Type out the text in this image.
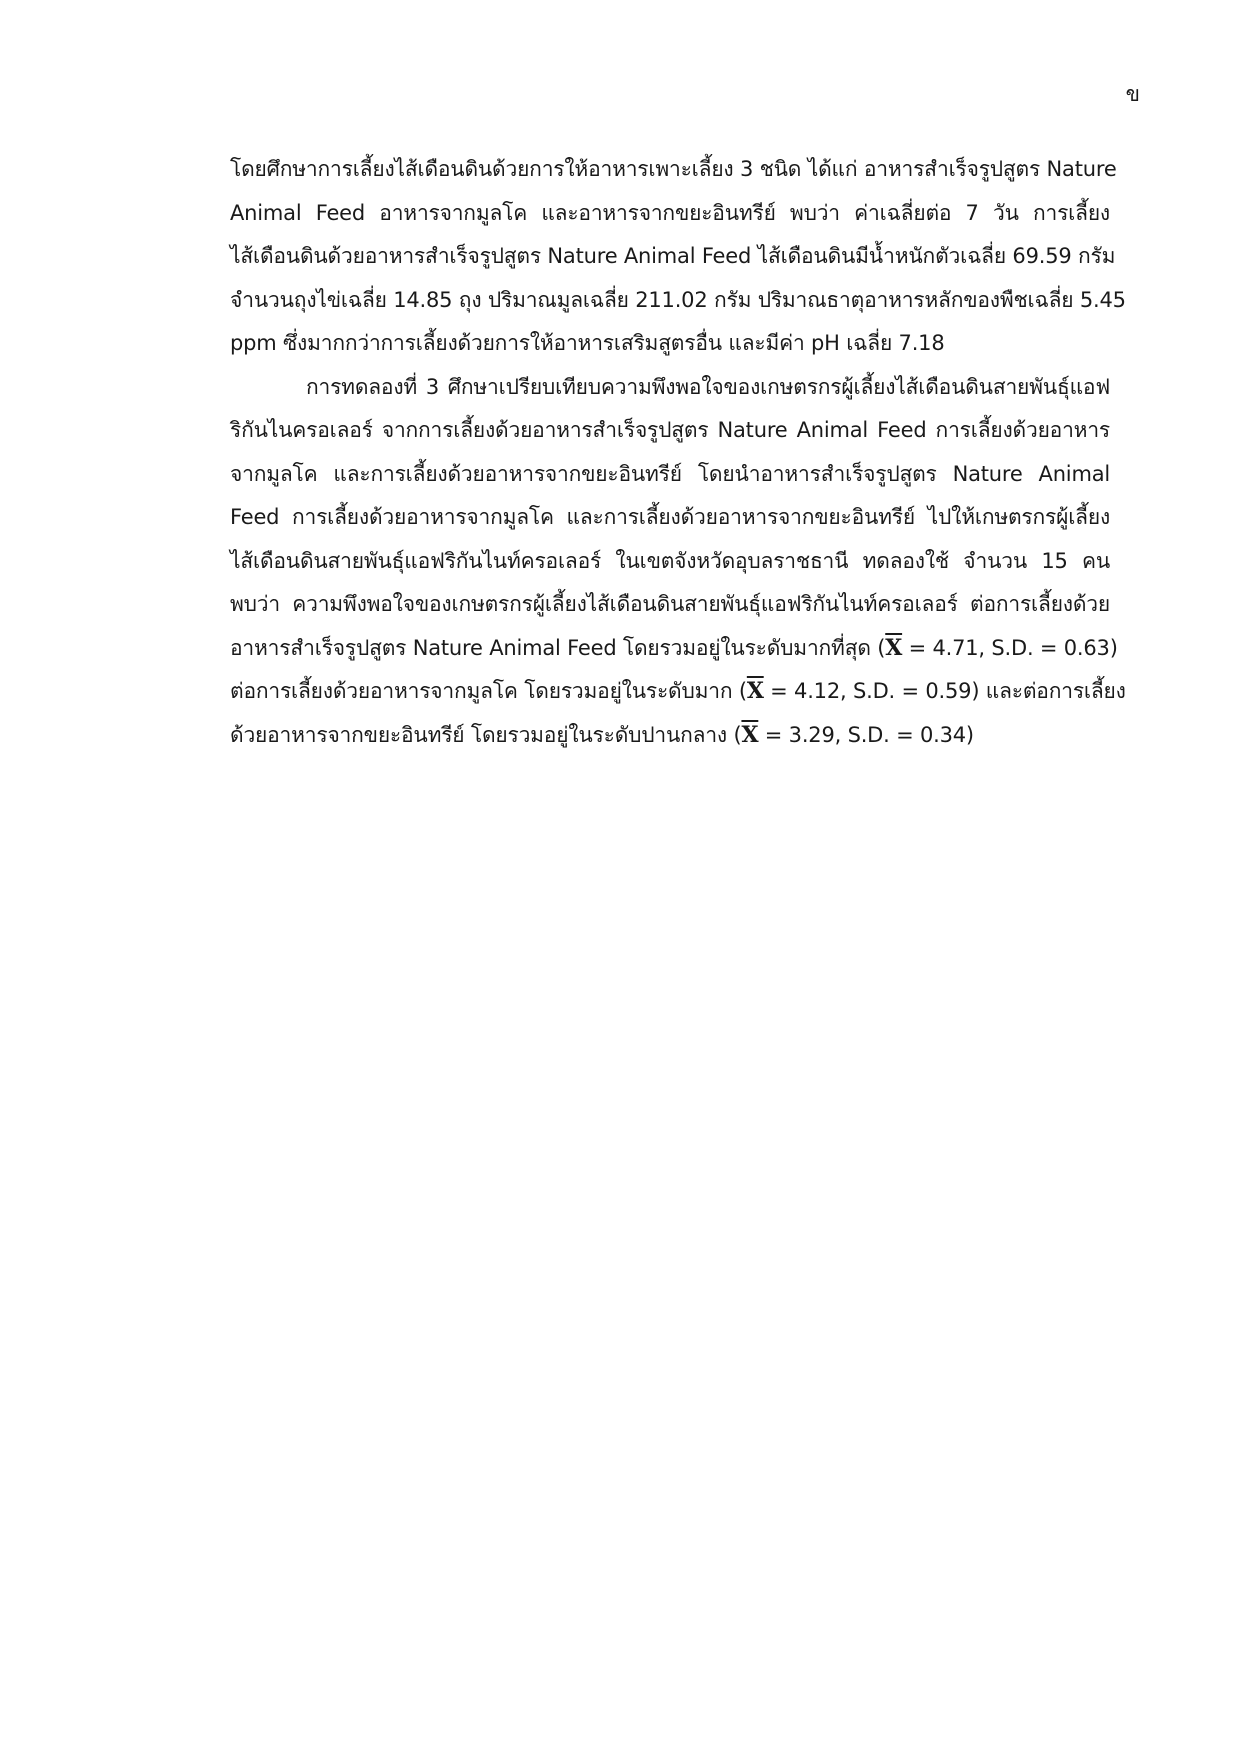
ข
โดยศึกษาการเลี้ยงไส้เดือนดินด้วยการให้อาหารเพาะเลี้ยง 3 ชนิด ได้แก่ อาหารสำเร็จรูปสูตร Nature
Animal Feed อาหารจากมูลโค และอาหารจากขยะอินทรีย์ พบว่า ค่าเฉลี่ยต่อ 7 วัน การเลี้ยง
ไส้เดือนดินด้วยอาหารสำเร็จรูปสูตร Nature Animal Feed ไส้เดือนดินมีน้ำหนักตัวเฉลี่ย 69.59 กรัม
จำนวนถุงไข่เฉลี่ย 14.85 ถุง ปริมาณมูลเฉลี่ย 211.02 กรัม ปริมาณธาตุอาหารหลักของพืชเฉลี่ย 5.45
ppm ซึ่งมากกว่าการเลี้ยงด้วยการให้อาหารเสริมสูตรอื่น และมีค่า pH เฉลี่ย 7.18
การทดลองที่ 3 ศึกษาเปรียบเทียบความพึงพอใจของเกษตรกรผู้เลี้ยงไส้เดือนดินสายพันธุ์แอฟ
ริกันไนครอเลอร์ จากการเลี้ยงด้วยอาหารสำเร็จรูปสูตร Nature Animal Feed การเลี้ยงด้วยอาหาร
จากมูลโค และการเลี้ยงด้วยอาหารจากขยะอินทรีย์ โดยนำอาหารสำเร็จรูปสูตร Nature Animal
Feed การเลี้ยงด้วยอาหารจากมูลโค และการเลี้ยงด้วยอาหารจากขยะอินทรีย์ ไปให้เกษตรกรผู้เลี้ยง
ไส้เดือนดินสายพันธุ์แอฟริกันไนท์ครอเลอร์ ในเขตจังหวัดอุบลราชธานี ทดลองใช้ จำนวน 15 คน
พบว่า ความพึงพอใจของเกษตรกรผู้เลี้ยงไส้เดือนดินสายพันธุ์แอฟริกันไนท์ครอเลอร์ ต่อการเลี้ยงด้วย
อาหารสำเร็จรูปสูตร Nature Animal Feed โดยรวมอยู่ในระดับมากที่สุด ($\overline{X} = 4.71$, S.D. = 0.63)
ต่อการเลี้ยงด้วยอาหารจากมูลโค โดยรวมอยู่ในระดับมาก ($\overline{X} = 4.12$, S.D. = 0.59) และต่อการเลี้ยง
ด้วยอาหารจากขยะอินทรีย์ โดยรวมอยู่ในระดับปานกลาง ($\overline{X} = 3.29$, S.D. = 0.34)
